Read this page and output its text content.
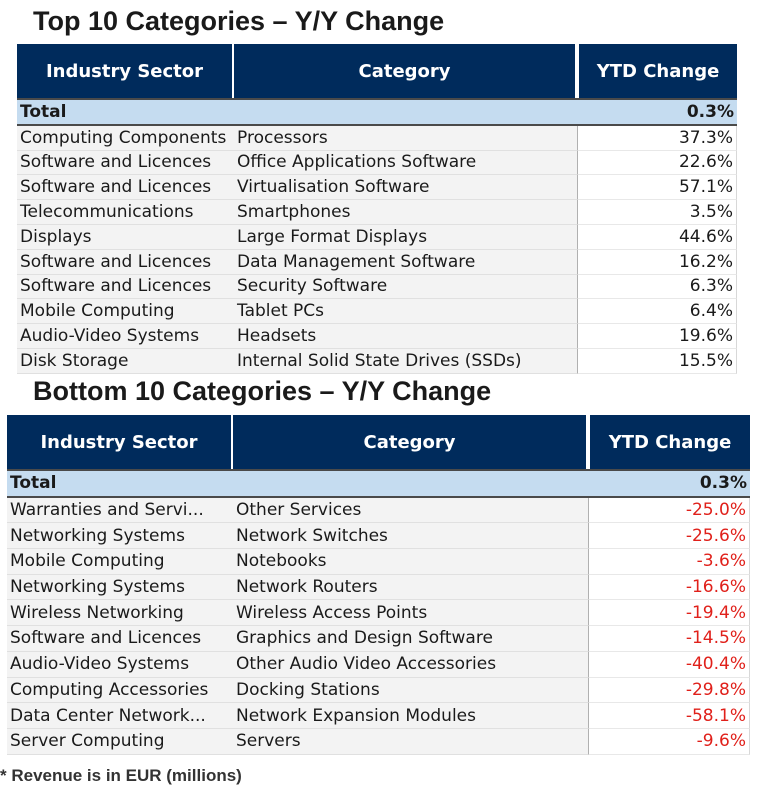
Top 10 Categories – Y/Y Change
Industry Sector	Category	YTD Change
Total		0.3%
Computing Components	Processors	37.3%
Software and Licences	Office Applications Software	22.6%
Software and Licences	Virtualisation Software	57.1%
Telecommunications	Smartphones	3.5%
Displays	Large Format Displays	44.6%
Software and Licences	Data Management Software	16.2%
Software and Licences	Security Software	6.3%
Mobile Computing	Tablet PCs	6.4%
Audio-Video Systems	Headsets	19.6%
Disk Storage	Internal Solid State Drives (SSDs)	15.5%
Bottom 10 Categories – Y/Y Change
Industry Sector	Category	YTD Change
Total		0.3%
Warranties and Servi...	Other Services	-25.0%
Networking Systems	Network Switches	-25.6%
Mobile Computing	Notebooks	-3.6%
Networking Systems	Network Routers	-16.6%
Wireless Networking	Wireless Access Points	-19.4%
Software and Licences	Graphics and Design Software	-14.5%
Audio-Video Systems	Other Audio Video Accessories	-40.4%
Computing Accessories	Docking Stations	-29.8%
Data Center Network...	Network Expansion Modules	-58.1%
Server Computing	Servers	-9.6%
* Revenue is in EUR (millions)
